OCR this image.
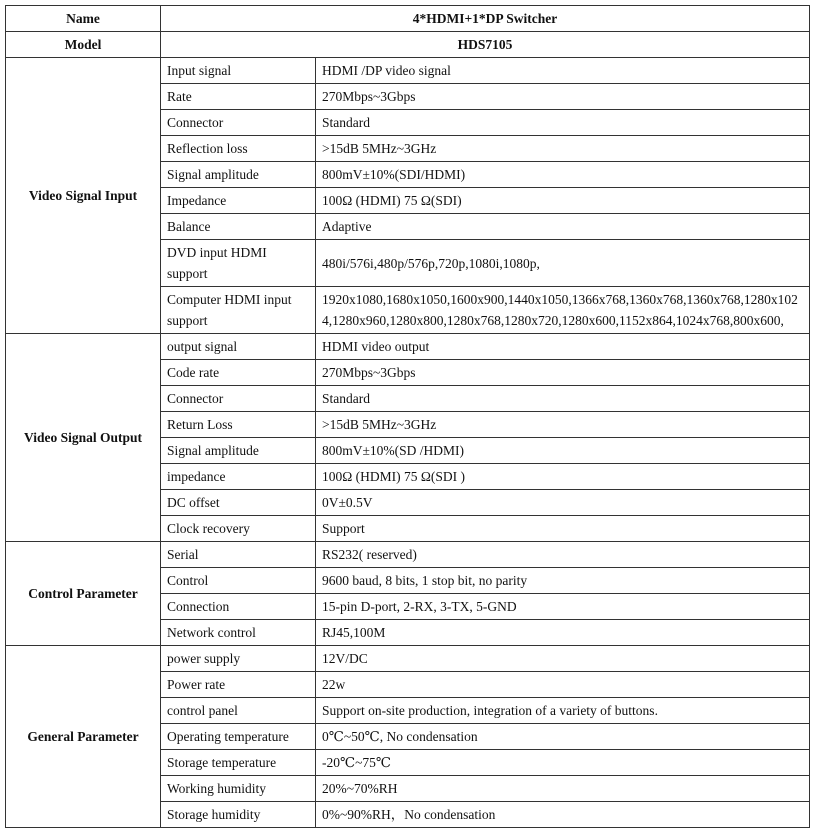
Name	4*HDMI+1*DP Switcher	
Model	HDS7105	
Video Signal Input	Input signal	HDMI /DP video signal
	Rate	270Mbps~3Gbps
	Connector	Standard
	Reflection loss	>15dB 5MHz~3GHz
	Signal amplitude	800mV±10%(SDI/HDMI)
	Impedance	100Ω (HDMI) 75 Ω(SDI)
	Balance	Adaptive
	DVD input HDMI support	480i/576i,480p/576p,720p,1080i,1080p,
	Computer HDMI input support	1920x1080,1680x1050,1600x900,1440x1050,1366x768,1360x768,1360x768,1280x1024,1280x960,1280x800,1280x768,1280x720,1280x600,1152x864,1024x768,800x600,
Video Signal Output	output signal	HDMI video output
	Code rate	270Mbps~3Gbps
	Connector	Standard
	Return Loss	>15dB 5MHz~3GHz
	Signal amplitude	800mV±10%(SD /HDMI)
	impedance	100Ω (HDMI) 75 Ω(SDI )
	DC offset	0V±0.5V
	Clock recovery	Support
Control Parameter	Serial	RS232( reserved)
	Control	9600 baud, 8 bits, 1 stop bit, no parity
	Connection	15-pin D-port, 2-RX, 3-TX, 5-GND
	Network control	RJ45,100M
General Parameter	power supply	12V/DC
	Power rate	22w
	control panel	Support on-site production, integration of a variety of buttons.
	Operating temperature	0℃~50℃, No condensation
	Storage temperature	-20℃~75℃
	Working humidity	20%~70%RH
	Storage humidity	0%~90%RH，No condensation
